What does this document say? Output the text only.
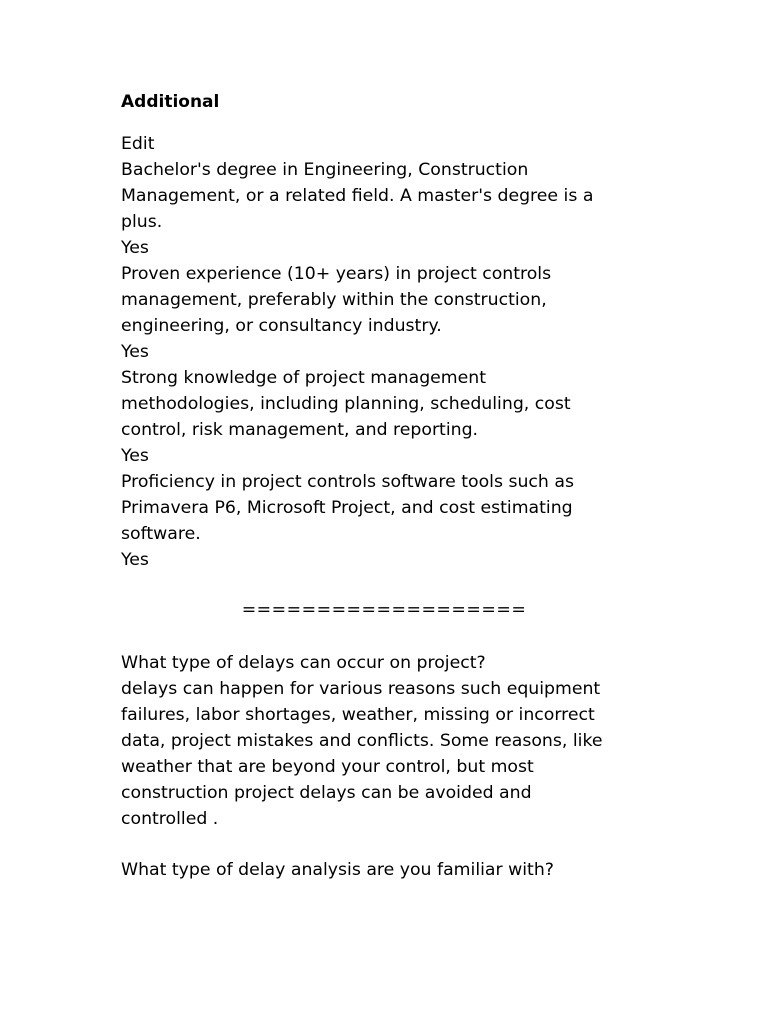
Additional
Edit
Bachelor's degree in Engineering, Construction
Management, or a related field. A master's degree is a
plus.
Yes
Proven experience (10+ years) in project controls
management, preferably within the construction,
engineering, or consultancy industry.
Yes
Strong knowledge of project management
methodologies, including planning, scheduling, cost
control, risk management, and reporting.
Yes
Proficiency in project controls software tools such as
Primavera P6, Microsoft Project, and cost estimating
software.
Yes
===================
What type of delays can occur on project?
delays can happen for various reasons such equipment
failures, labor shortages, weather, missing or incorrect
data, project mistakes and conflicts. Some reasons, like
weather that are beyond your control, but most
construction project delays can be avoided and
controlled .
What type of delay analysis are you familiar with?
